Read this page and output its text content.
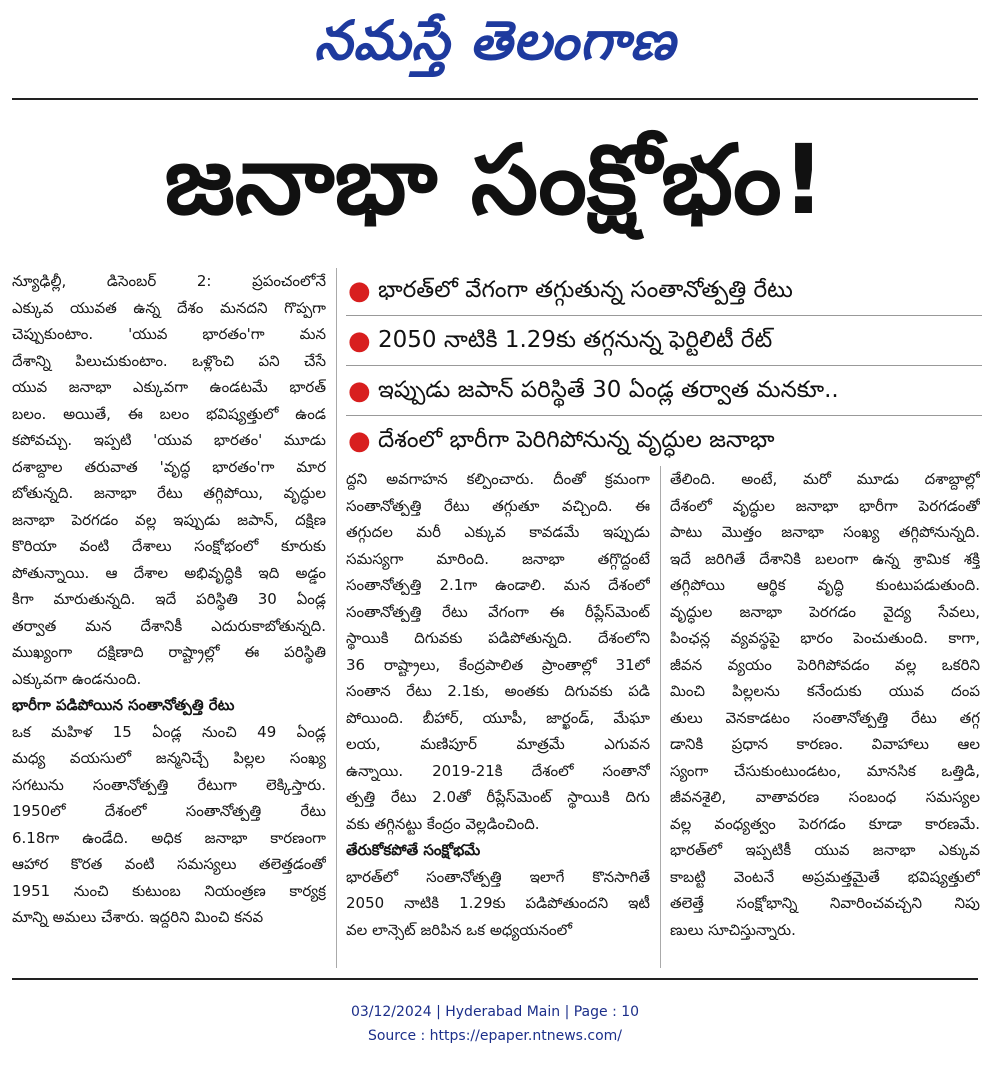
నమస్తే తెలంగాణ
జనాభా సంక్షోభం!
● భారత్‌లో వేగంగా తగ్గుతున్న సంతానోత్పత్తి రేటు
● 2050 నాటికి 1.29కు తగ్గనున్న ఫెర్టిలిటీ రేట్
● ఇప్పుడు జపాన్ పరిస్థితే 30 ఏండ్ల తర్వాత మనకూ..
● దేశంలో భారీగా పెరిగిపోనున్న వృద్ధుల జనాభా

న్యూఢిల్లీ, డిసెంబర్ 2: ప్రపంచంలోనే

ఎక్కువ యువత ఉన్న దేశం మనదని గొప్పగా

చెప్పుకుంటాం. 'యువ భారతం'గా మన

దేశాన్ని పిలుచుకుంటాం. ఒళ్లొంచి పని చేసే

యువ జనాభా ఎక్కువగా ఉండటమే భారత్

బలం. అయితే, ఈ బలం భవిష్యత్తులో ఉండ

కపోవచ్చు. ఇప్పటి 'యువ భారతం' మూడు

దశాబ్దాల తరువాత 'వృద్ధ భారతం'గా మార

బోతున్నది. జనాభా రేటు తగ్గిపోయి, వృద్ధుల

జనాభా పెరగడం వల్ల ఇప్పుడు జపాన్, దక్షిణ

కొరియా వంటి దేశాలు సంక్షోభంలో కూరుకు

పోతున్నాయి. ఆ దేశాల అభివృద్ధికి ఇది అడ్డం

కిగా మారుతున్నది. ఇదే పరిస్థితి 30 ఏండ్ల

తర్వాత మన దేశానికీ ఎదురుకాబోతున్నది.

ముఖ్యంగా దక్షిణాది రాష్ట్రాల్లో ఈ పరిస్థితి

ఎక్కువగా ఉండనుంది.

భారీగా పడిపోయిన సంతానోత్పత్తి రేటు

ఒక మహిళ 15 ఏండ్ల నుంచి 49 ఏండ్ల

మధ్య వయసులో జన్మనిచ్చే పిల్లల సంఖ్య

సగటును సంతానోత్పత్తి రేటుగా లెక్కిస్తారు.

1950లో దేశంలో సంతానోత్పత్తి రేటు

6.18గా ఉండేది. అధిక జనాభా కారణంగా

ఆహార కొరత వంటి సమస్యలు తలెత్తడంతో

1951 నుంచి కుటుంబ నియంత్రణ కార్యక్ర

మాన్ని అమలు చేశారు. ఇద్దరిని మించి కనవ

ద్దని అవగాహన కల్పించారు. దీంతో క్రమంగా

సంతానోత్పత్తి రేటు తగ్గుతూ వచ్చింది. ఈ

తగ్గుదల మరీ ఎక్కువ కావడమే ఇప్పుడు

సమస్యగా మారింది. జనాభా తగ్గొద్దంటే

సంతానోత్పత్తి 2.1గా ఉండాలి. మన దేశంలో

సంతానోత్పత్తి రేటు వేగంగా ఈ రీప్లేస్‌మెంట్

స్థాయికి దిగువకు పడిపోతున్నది. దేశంలోని

36 రాష్ట్రాలు, కేంద్రపాలిత ప్రాంతాల్లో 31లో

సంతాన రేటు 2.1కు, అంతకు దిగువకు పడి

పోయింది. బీహార్, యూపీ, జార్ఖండ్, మేఘా

లయ, మణిపూర్ మాత్రమే ఎగువన

ఉన్నాయి. 2019-21కి దేశంలో సంతానో

త్పత్తి రేటు 2.0తో రీప్లేస్‌మెంట్ స్థాయికి దిగు

వకు తగ్గినట్టు కేంద్రం వెల్లడించింది.

తేరుకోకపోతే సంక్షోభమే

భారత్‌లో సంతానోత్పత్తి ఇలాగే కొనసాగితే

2050 నాటికి 1.29కు పడిపోతుందని ఇటీ

వల లాన్సెట్ జరిపిన ఒక అధ్యయనంలో

తేలింది. అంటే, మరో మూడు దశాబ్దాల్లో

దేశంలో వృద్ధుల జనాభా భారీగా పెరగడంతో

పాటు మొత్తం జనాభా సంఖ్య తగ్గిపోనున్నది.

ఇదే జరిగితే దేశానికి బలంగా ఉన్న శ్రామిక శక్తి

తగ్గిపోయి ఆర్థిక వృద్ధి కుంటుపడుతుంది.

వృద్ధుల జనాభా పెరగడం వైద్య సేవలు,

పింఛన్ల వ్యవస్థపై భారం పెంచుతుంది. కాగా,

జీవన వ్యయం పెరిగిపోవడం వల్ల ఒకరిని

మించి పిల్లలను కనేందుకు యువ దంప

తులు వెనకాడటం సంతానోత్పత్తి రేటు తగ్గ

డానికి ప్రధాన కారణం. వివాహాలు ఆల

స్యంగా చేసుకుంటుండటం, మానసిక ఒత్తిడి,

జీవనశైలి, వాతావరణ సంబంధ సమస్యల

వల్ల వంధ్యత్వం పెరగడం కూడా కారణమే.

భారత్‌లో ఇప్పటికీ యువ జనాభా ఎక్కువ

కాబట్టి వెంటనే అప్రమత్తమైతే భవిష్యత్తులో

తలెత్తే సంక్షోభాన్ని నివారించవచ్చని నిపు

ణులు సూచిస్తున్నారు.

03/12/2024 | Hyderabad Main | Page : 10
Source : https://epaper.ntnews.com/
